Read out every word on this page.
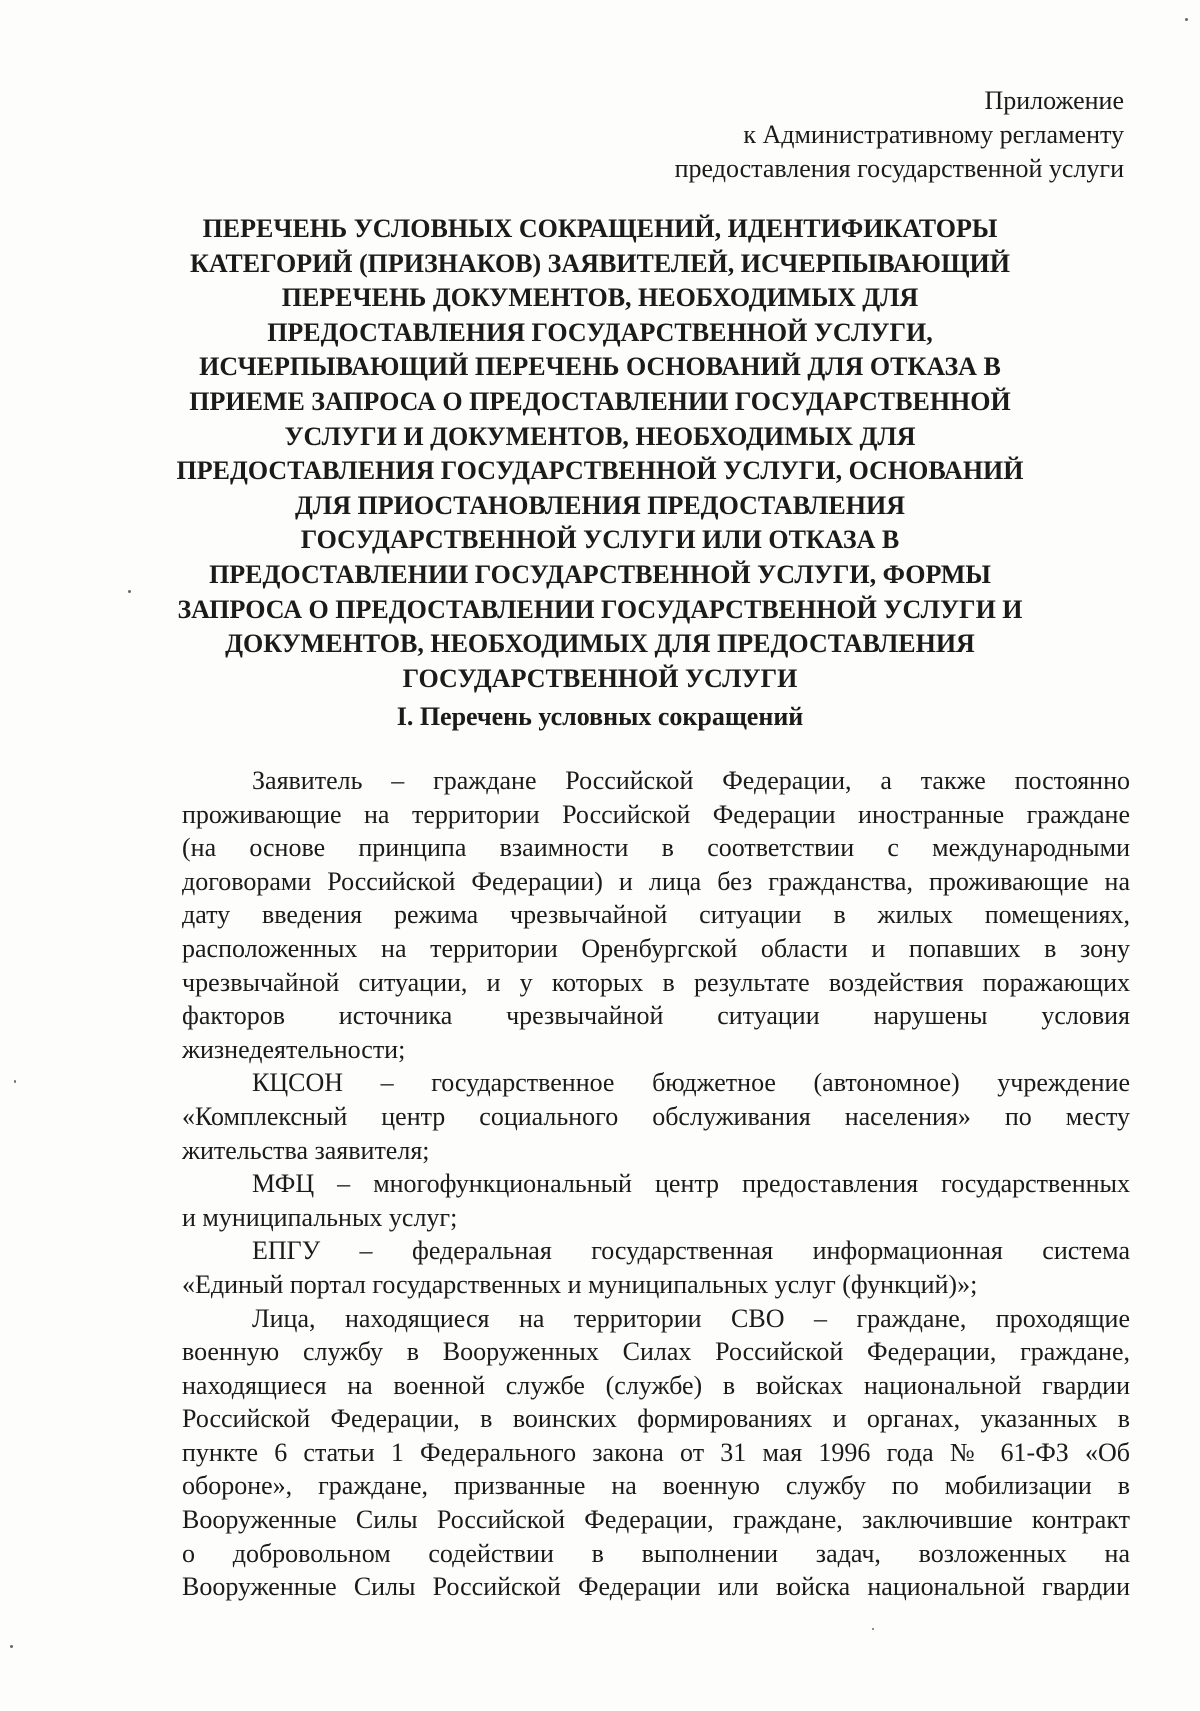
Приложение
к Административному регламенту
предоставления государственной услуги
ПЕРЕЧЕНЬ УСЛОВНЫХ СОКРАЩЕНИЙ, ИДЕНТИФИКАТОРЫ
КАТЕГОРИЙ (ПРИЗНАКОВ) ЗАЯВИТЕЛЕЙ, ИСЧЕРПЫВАЮЩИЙ
ПЕРЕЧЕНЬ ДОКУМЕНТОВ, НЕОБХОДИМЫХ ДЛЯ
ПРЕДОСТАВЛЕНИЯ ГОСУДАРСТВЕННОЙ УСЛУГИ,
ИСЧЕРПЫВАЮЩИЙ ПЕРЕЧЕНЬ ОСНОВАНИЙ ДЛЯ ОТКАЗА В
ПРИЕМЕ ЗАПРОСА О ПРЕДОСТАВЛЕНИИ ГОСУДАРСТВЕННОЙ
УСЛУГИ И ДОКУМЕНТОВ, НЕОБХОДИМЫХ ДЛЯ
ПРЕДОСТАВЛЕНИЯ ГОСУДАРСТВЕННОЙ УСЛУГИ, ОСНОВАНИЙ
ДЛЯ ПРИОСТАНОВЛЕНИЯ ПРЕДОСТАВЛЕНИЯ
ГОСУДАРСТВЕННОЙ УСЛУГИ ИЛИ ОТКАЗА В
ПРЕДОСТАВЛЕНИИ ГОСУДАРСТВЕННОЙ УСЛУГИ, ФОРМЫ
ЗАПРОСА О ПРЕДОСТАВЛЕНИИ ГОСУДАРСТВЕННОЙ УСЛУГИ И
ДОКУМЕНТОВ, НЕОБХОДИМЫХ ДЛЯ ПРЕДОСТАВЛЕНИЯ
ГОСУДАРСТВЕННОЙ УСЛУГИ
I. Перечень условных сокращений

Заявитель – граждане Российской Федерации, а также постоянно

проживающие на территории Российской Федерации иностранные граждане

(на основе принципа взаимности в соответствии с международными

договорами Российской Федерации) и лица без гражданства, проживающие на

дату введения режима чрезвычайной ситуации в жилых помещениях,

расположенных на территории Оренбургской области и попавших в зону

чрезвычайной ситуации, и у которых в результате воздействия поражающих

факторов источника чрезвычайной ситуации нарушены условия

жизнедеятельности;

КЦСОН – государственное бюджетное (автономное) учреждение

«Комплексный центр социального обслуживания населения» по месту

жительства заявителя;

МФЦ – многофункциональный центр предоставления государственных

и муниципальных услуг;

ЕПГУ – федеральная государственная информационная система

«Единый портал государственных и муниципальных услуг (функций)»;

Лица, находящиеся на территории СВО – граждане, проходящие

военную службу в Вооруженных Силах Российской Федерации, граждане,

находящиеся на военной службе (службе) в войсках национальной гвардии

Российской Федерации, в воинских формированиях и органах, указанных в

пункте 6 статьи 1 Федерального закона от 31 мая 1996 года № 61-ФЗ «Об

обороне», граждане, призванные на военную службу по мобилизации в

Вооруженные Силы Российской Федерации, граждане, заключившие контракт

о добровольном содействии в выполнении задач, возложенных на

Вооруженные Силы Российской Федерации или войска национальной гвардии
